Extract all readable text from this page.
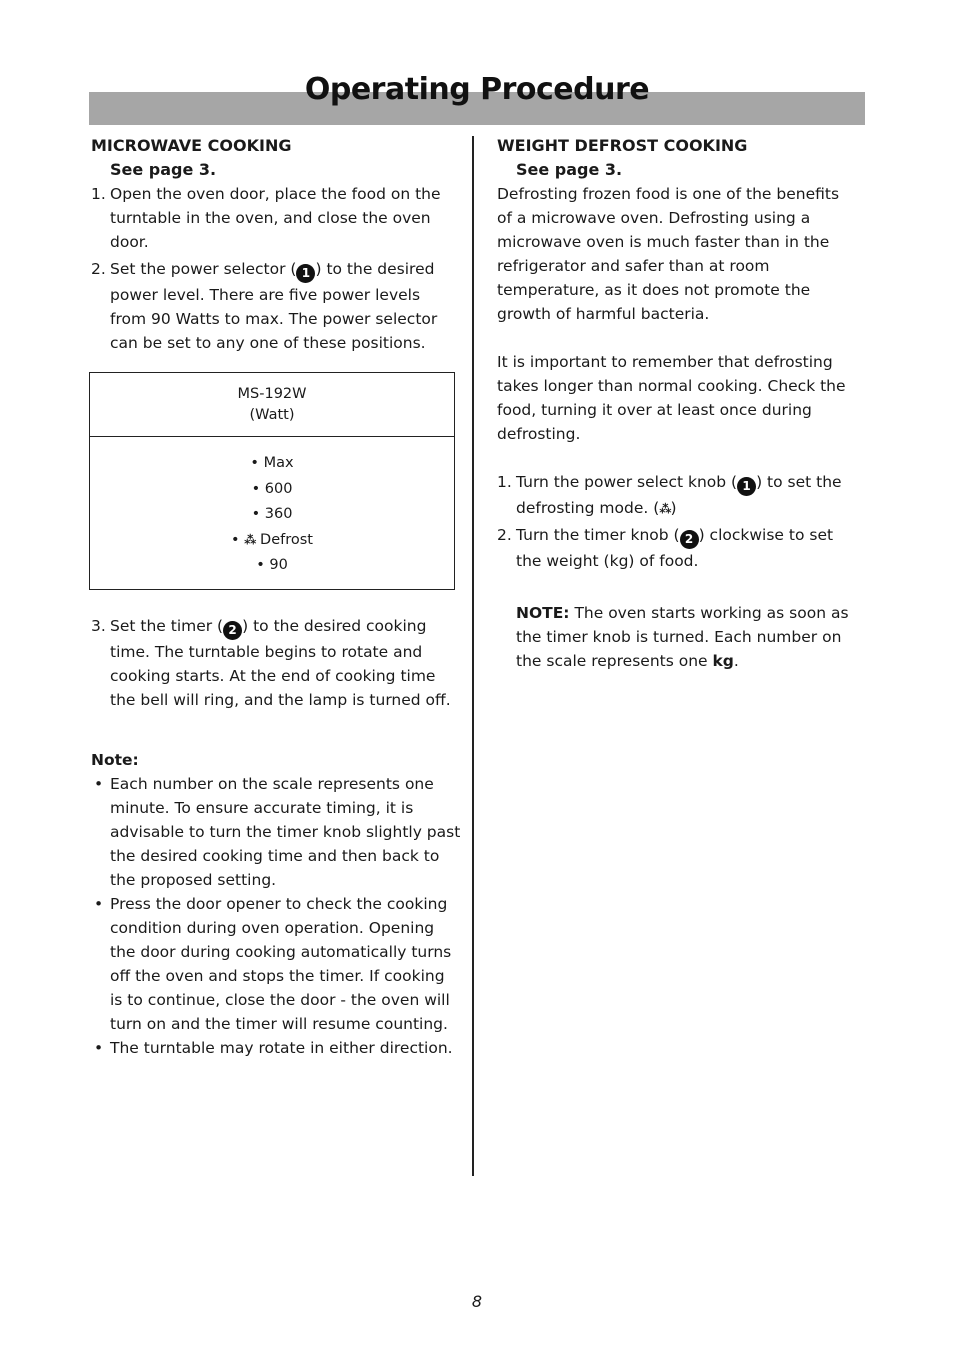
Operating Procedure

MICROWAVE COOKING

See page 3.

1. Open the oven door, place the food on the turntable in the oven, and close the oven door.
2. Set the power selector ( 1 ) to the desired power level. There are five power levels from 90 Watts to max. The power selector can be set to any one of these positions.
MS-192W
(Watt)

• Max
• 600
• 360
• ⁂ Defrost
• 90
3. Set the timer ( 2 ) to the desired cooking time. The turntable begins to rotate and cooking starts. At the end of cooking time the bell will ring, and the lamp is turned off.

Note:

• Each number on the scale represents one minute. To ensure accurate timing, it is advisable to turn the timer knob slightly past the desired cooking time and then back to the proposed setting.
• Press the door opener to check the cooking condition during oven operation. Opening the door during cooking automatically turns off the oven and stops the timer. If cooking is to continue, close the door - the oven will turn on and the timer will resume counting.
• The turntable may rotate in either direction.

WEIGHT DEFROST COOKING

See page 3.

Defrosting frozen food is one of the benefits of a microwave oven. Defrosting using a microwave oven is much faster than in the refrigerator and safer than at room temperature, as it does not promote the growth of harmful bacteria.

It is important to remember that defrosting takes longer than normal cooking. Check the food, turning it over at least once during defrosting.

1. Turn the power select knob ( 1 ) to set the defrosting mode. (⁂)
2. Turn the timer knob ( 2 ) clockwise to set the weight (kg) of food.

NOTE: The oven starts working as soon as the timer knob is turned. Each number on the scale represents one kg.

8
